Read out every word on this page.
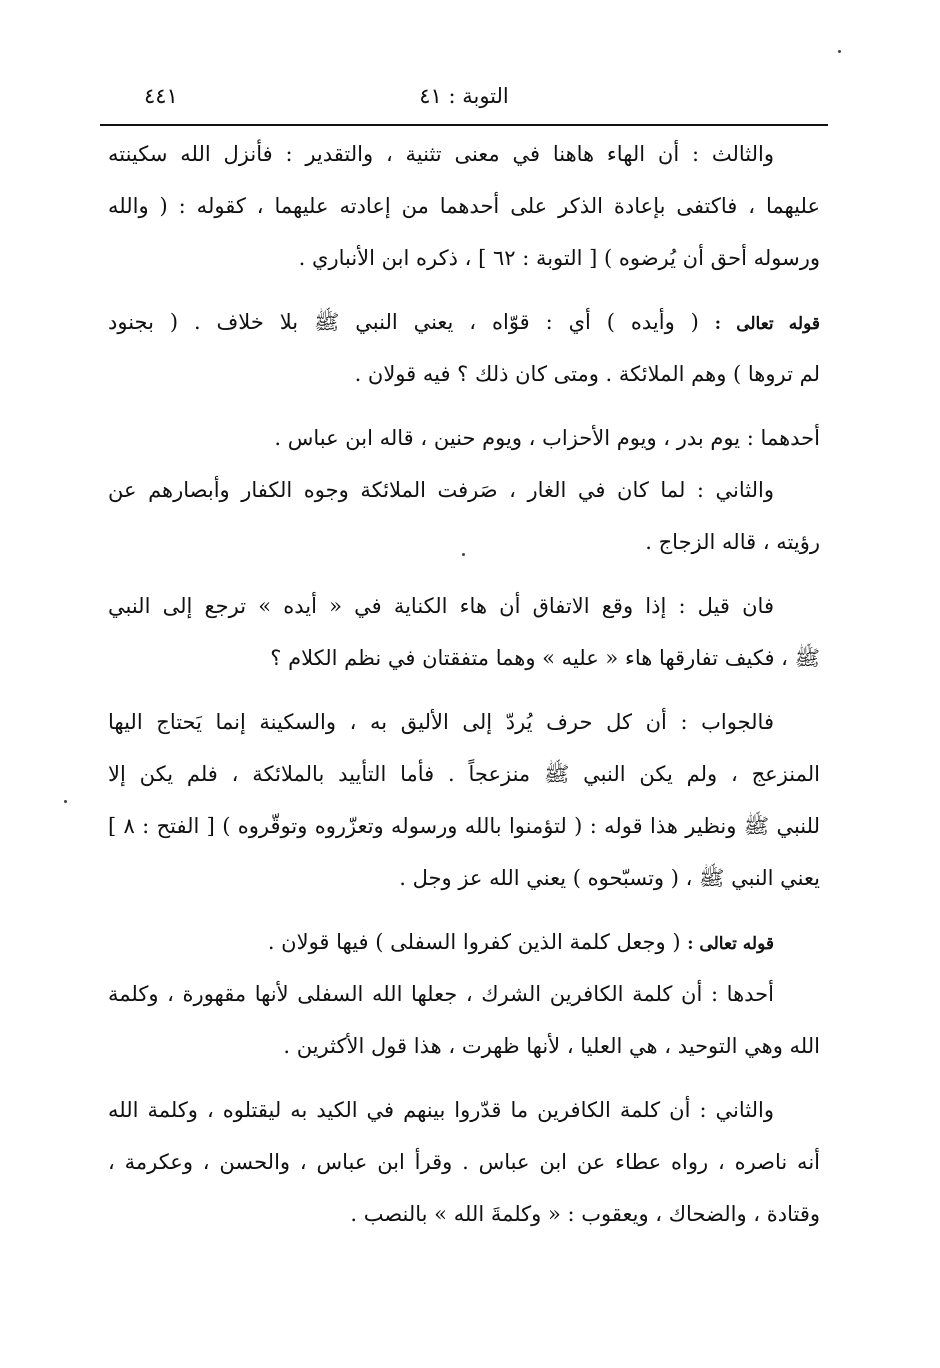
٤٤١	التوبة : ٤١
والثالث : أن الهاء هاهنا في معنى تثنية ، والتقدير : فأنزل الله سكينته
عليهما ، فاكتفى بإعادة الذكر على أحدهما من إعادته عليهما ، كقوله : ( والله
ورسوله أحق أن يُرضوه ) [ التوبة : ٦٢ ] ، ذكره ابن الأنباري .
قوله تعالى : ( وأيده ) أي : قوّاه ، يعني النبي ﷺ بلا خلاف . ( بجنود
لم تروها ) وهم الملائكة . ومتى كان ذلك ؟ فيه قولان .
أحدهما : يوم بدر ، ويوم الأحزاب ، ويوم حنين ، قاله ابن عباس .
والثاني : لما كان في الغار ، صَرفت الملائكة وجوه الكفار وأبصارهم عن
رؤيته ، قاله الزجاج .
فان قيل : إذا وقع الاتفاق أن هاء الكناية في « أيده » ترجع إلى النبي
ﷺ ، فكيف تفارقها هاء « عليه » وهما متفقتان في نظم الكلام ؟
فالجواب : أن كل حرف يُردّ إلى الأليق به ، والسكينة إنما يَحتاج اليها
المنزعج ، ولم يكن النبي ﷺ منزعجاً . فأما التأييد بالملائكة ، فلم يكن إلا
للنبي ﷺ ونظير هذا قوله : ( لتؤمنوا بالله ورسوله وتعزّروه وتوقّروه ) [ الفتح : ٨ ]
يعني النبي ﷺ ، ( وتسبّحوه ) يعني الله عز وجل .
قوله تعالى : ( وجعل كلمة الذين كفروا السفلى ) فيها قولان .
أحدها : أن كلمة الكافرين الشرك ، جعلها الله السفلى لأنها مقهورة ، وكلمة
الله وهي التوحيد ، هي العليا ، لأنها ظهرت ، هذا قول الأكثرين .
والثاني : أن كلمة الكافرين ما قدّروا بينهم في الكيد به ليقتلوه ، وكلمة الله
أنه ناصره ، رواه عطاء عن ابن عباس . وقرأ ابن عباس ، والحسن ، وعكرمة ،
وقتادة ، والضحاك ، ويعقوب : « وكلمةَ الله » بالنصب .
